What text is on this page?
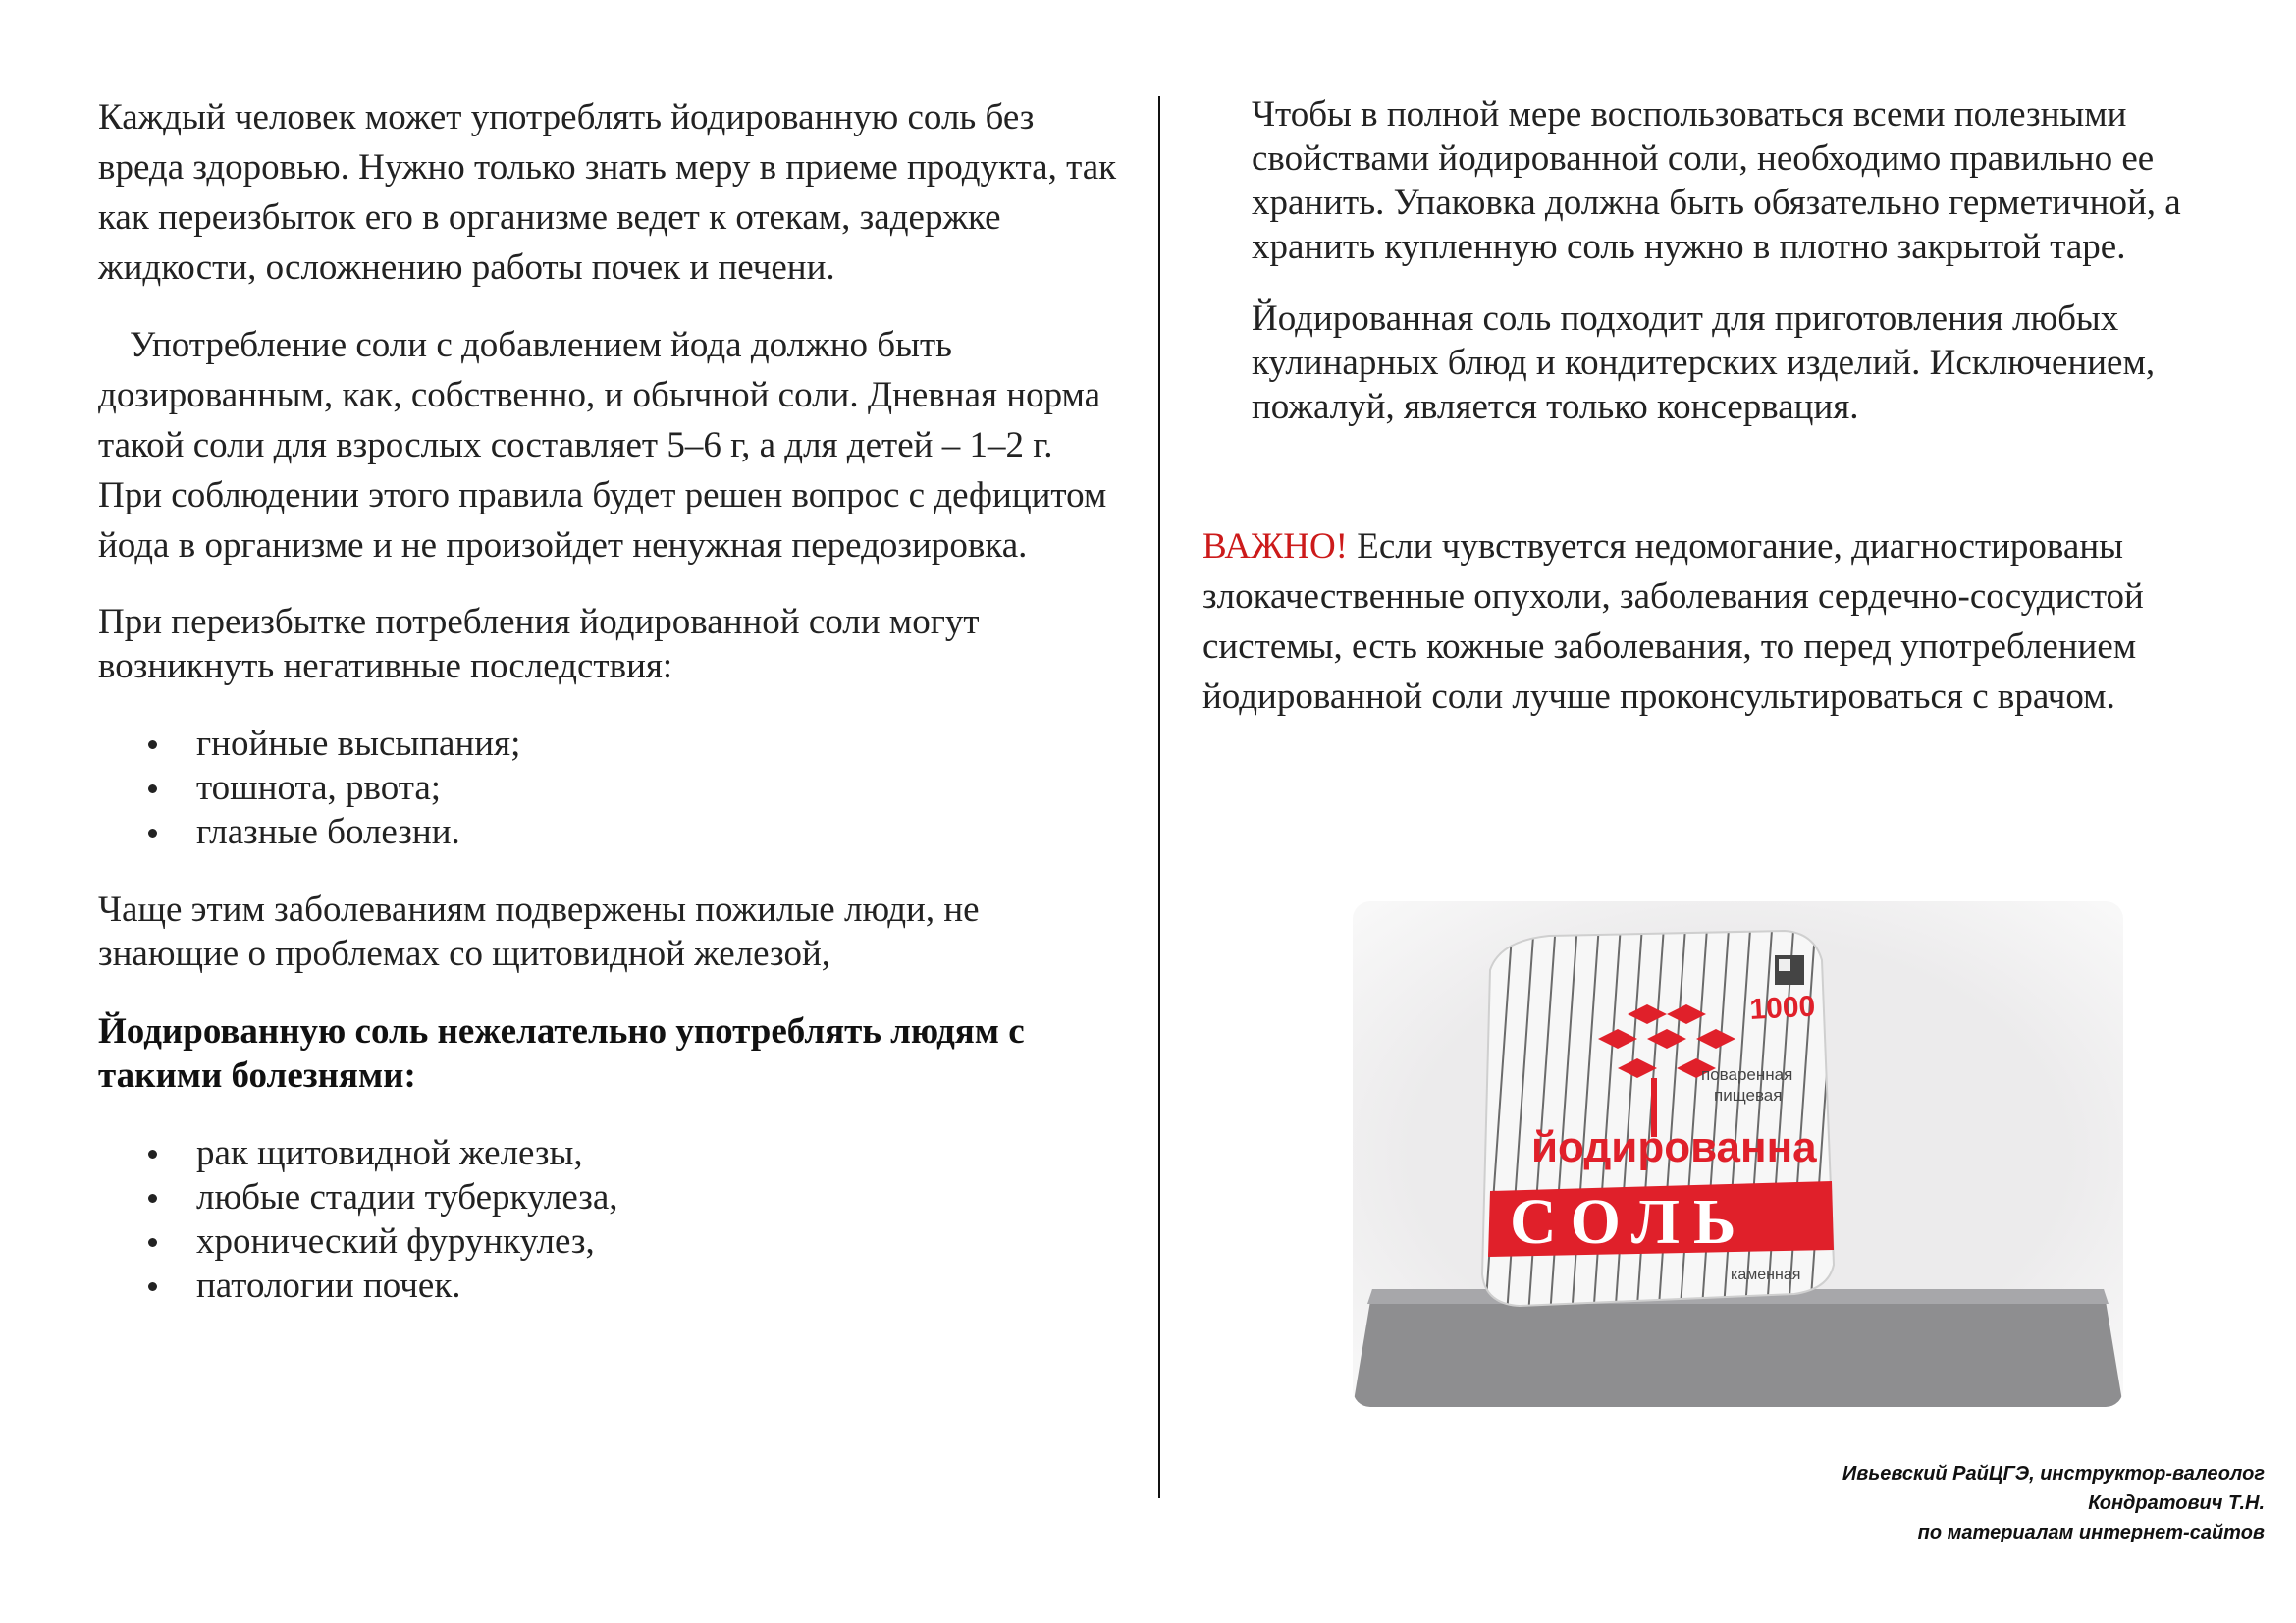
Каждый человек может употреблять йодированную соль без вреда здоровью. Нужно только знать меру в приеме продукта, так как переизбыток его в организме ведет к отекам, задержке жидкости, осложнению работы почек и печени.

Употребление соли с добавлением йода должно быть дозированным, как, собственно, и обычной соли. Дневная норма такой соли для взрослых составляет 5–6 г, а для детей – 1–2 г. При соблюдении этого правила будет решен вопрос с дефицитом йода в организме и не произойдет ненужная передозировка.

При переизбытке потребления йодированной соли могут возникнуть негативные последствия:

гнойные высыпания;
тошнота, рвота;
глазные болезни.

Чаще этим заболеваниям подвержены пожилые люди, не знающие о проблемах со щитовидной железой,

Йодированную соль нежелательно употреблять людям с такими болезнями:

рак щитовидной железы,
любые стадии туберкулеза,
хронический фурункулез,
патологии почек.

Чтобы в полной мере воспользоваться всеми полезными свойствами йодированной соли, необходимо правильно ее хранить. Упаковка должна быть обязательно герметичной, а хранить купленную соль нужно в плотно закрытой таре.

Йодированная соль подходит для приготовления любых кулинарных блюд и кондитерских изделий. Исключением, пожалуй, является только консервация.

ВАЖНО! Если чувствуется недомогание, диагностированы злокачественные опухоли, заболевания сердечно-сосудистой системы, есть кожные заболевания, то перед употреблением йодированной соли лучше проконсультироваться с врачом.

1000
поваренная
пищевая
йодированна
СОЛЬ
каменная
Ивьевский РайЦГЭ, инструктор-валеолог
Кондратович Т.Н.
по материалам интернет-сайтов
